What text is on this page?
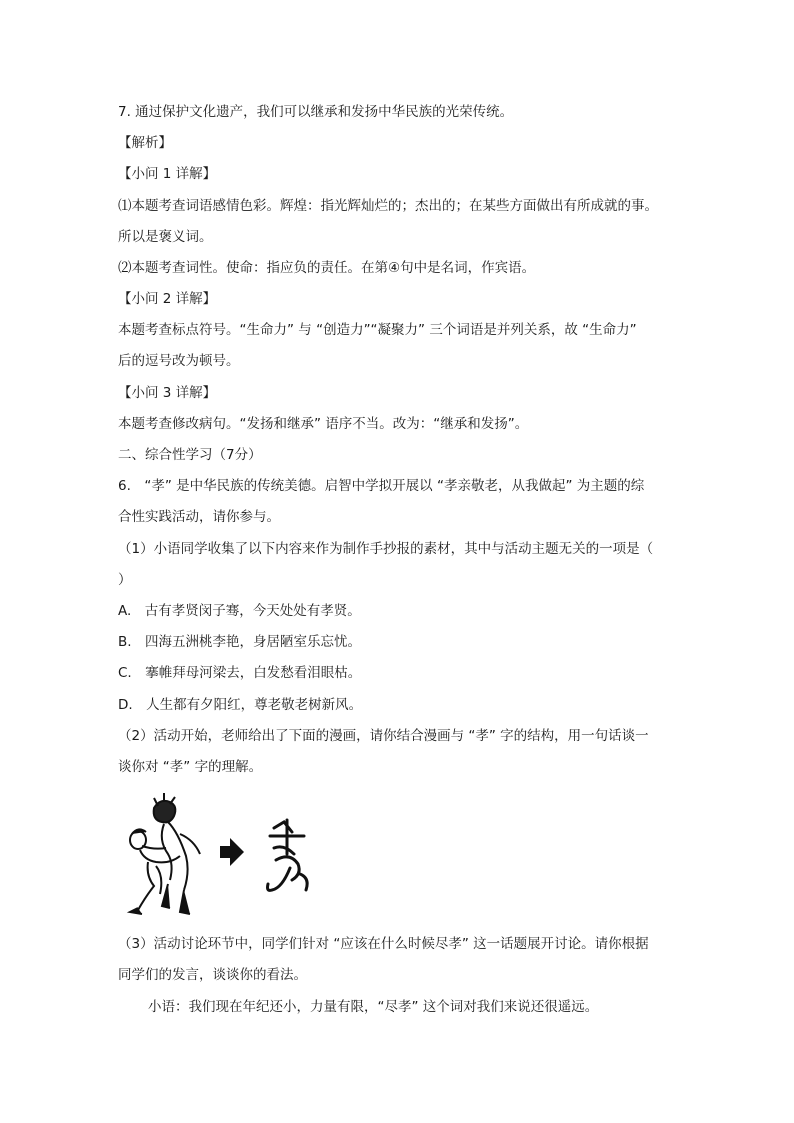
7. 通过保护文化遗产，我们可以继承和发扬中华民族的光荣传统。
【解析】
【小问 1 详解】
⑴本题考查词语感情色彩。辉煌：指光辉灿烂的；杰出的；在某些方面做出有所成就的事。
所以是褒义词。
⑵本题考查词性。使命：指应负的责任。在第④句中是名词，作宾语。
【小问 2 详解】
本题考查标点符号。“生命力” 与 “创造力”“凝聚力” 三个词语是并列关系，故 “生命力”
后的逗号改为顿号。
【小问 3 详解】
本题考查修改病句。“发扬和继承” 语序不当。改为：“继承和发扬”。
二、综合性学习（7分）
6.　“孝” 是中华民族的传统美德。启智中学拟开展以 “孝亲敬老，从我做起” 为主题的综
合性实践活动，请你参与。
（1）小语同学收集了以下内容来作为制作手抄报的素材，其中与活动主题无关的一项是（
）
A.　古有孝贤闵子骞，今天处处有孝贤。
B.　四海五洲桃李艳，身居陋室乐忘忧。
C.　搴帷拜母河梁去，白发愁看泪眼枯。
D.　人生都有夕阳红，尊老敬老树新风。
（2）活动开始，老师给出了下面的漫画，请你结合漫画与 “孝” 字的结构，用一句话谈一
谈你对 “孝” 字的理解。
（3）活动讨论环节中，同学们针对 “应该在什么时候尽孝” 这一话题展开讨论。请你根据
同学们的发言，谈谈你的看法。
小语：我们现在年纪还小，力量有限，“尽孝” 这个词对我们来说还很遥远。
